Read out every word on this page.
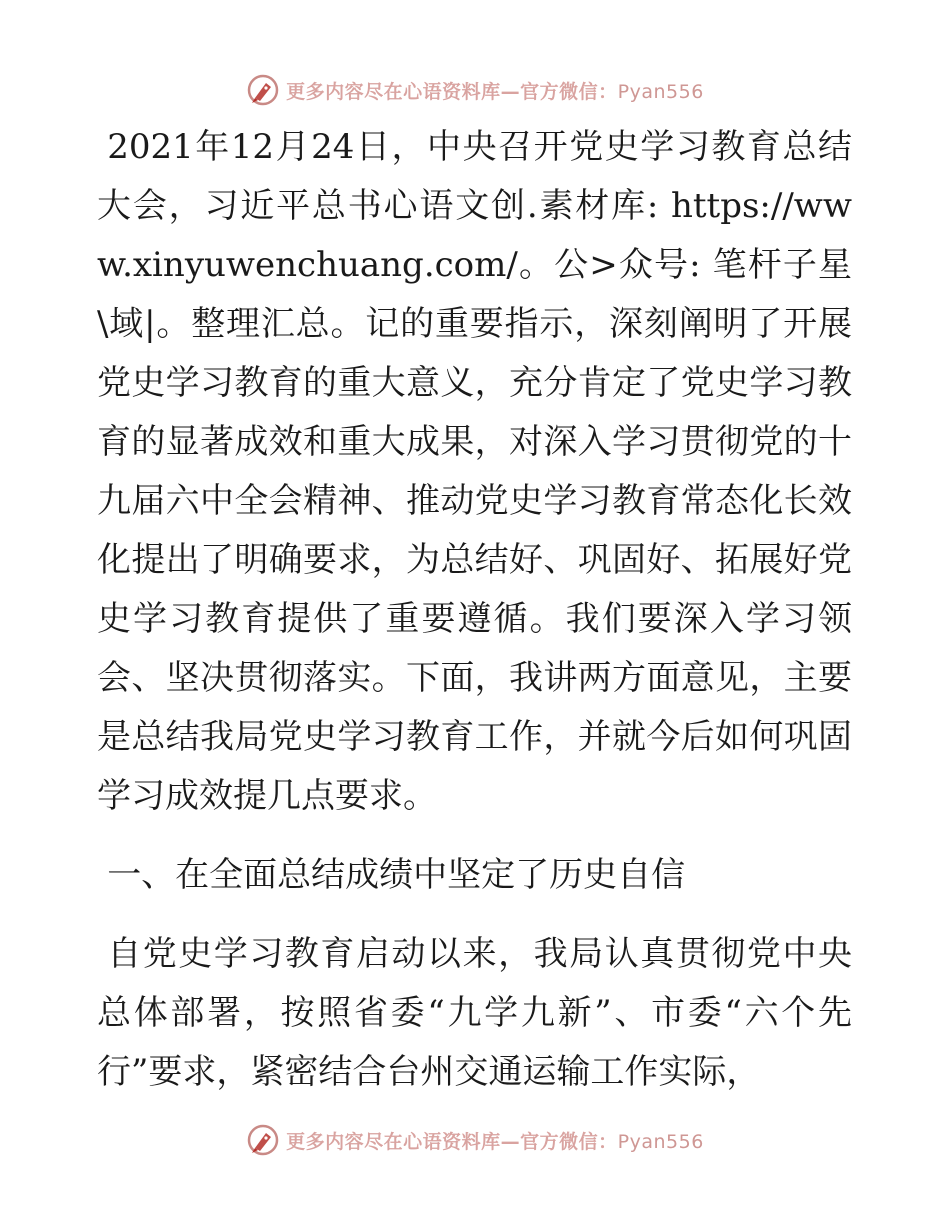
更多内容尽在心语资料库—官方微信：Pyan556

2021年12月24日，中央召开党史学习教育总结大会，习近平总书心语文创.素材库: https://www.xinyuwenchuang.com/。公>众号: 笔杆子星\域|。整理汇总。记的重要指示，深刻阐明了开展党史学习教育的重大意义，充分肯定了党史学习教育的显著成效和重大成果，对深入学习贯彻党的十九届六中全会精神、推动党史学习教育常态化长效化提出了明确要求，为总结好、巩固好、拓展好党史学习教育提供了重要遵循。我们要深入学习领会、坚决贯彻落实。下面，我讲两方面意见，主要是总结我局党史学习教育工作，并就今后如何巩固学习成效提几点要求。

一、在全面总结成绩中坚定了历史自信

自党史学习教育启动以来，我局认真贯彻党中央总体部署，按照省委“九学九新”、市委“六个先行”要求，紧密结合台州交通运输工作实际，

更多内容尽在心语资料库—官方微信：Pyan556
